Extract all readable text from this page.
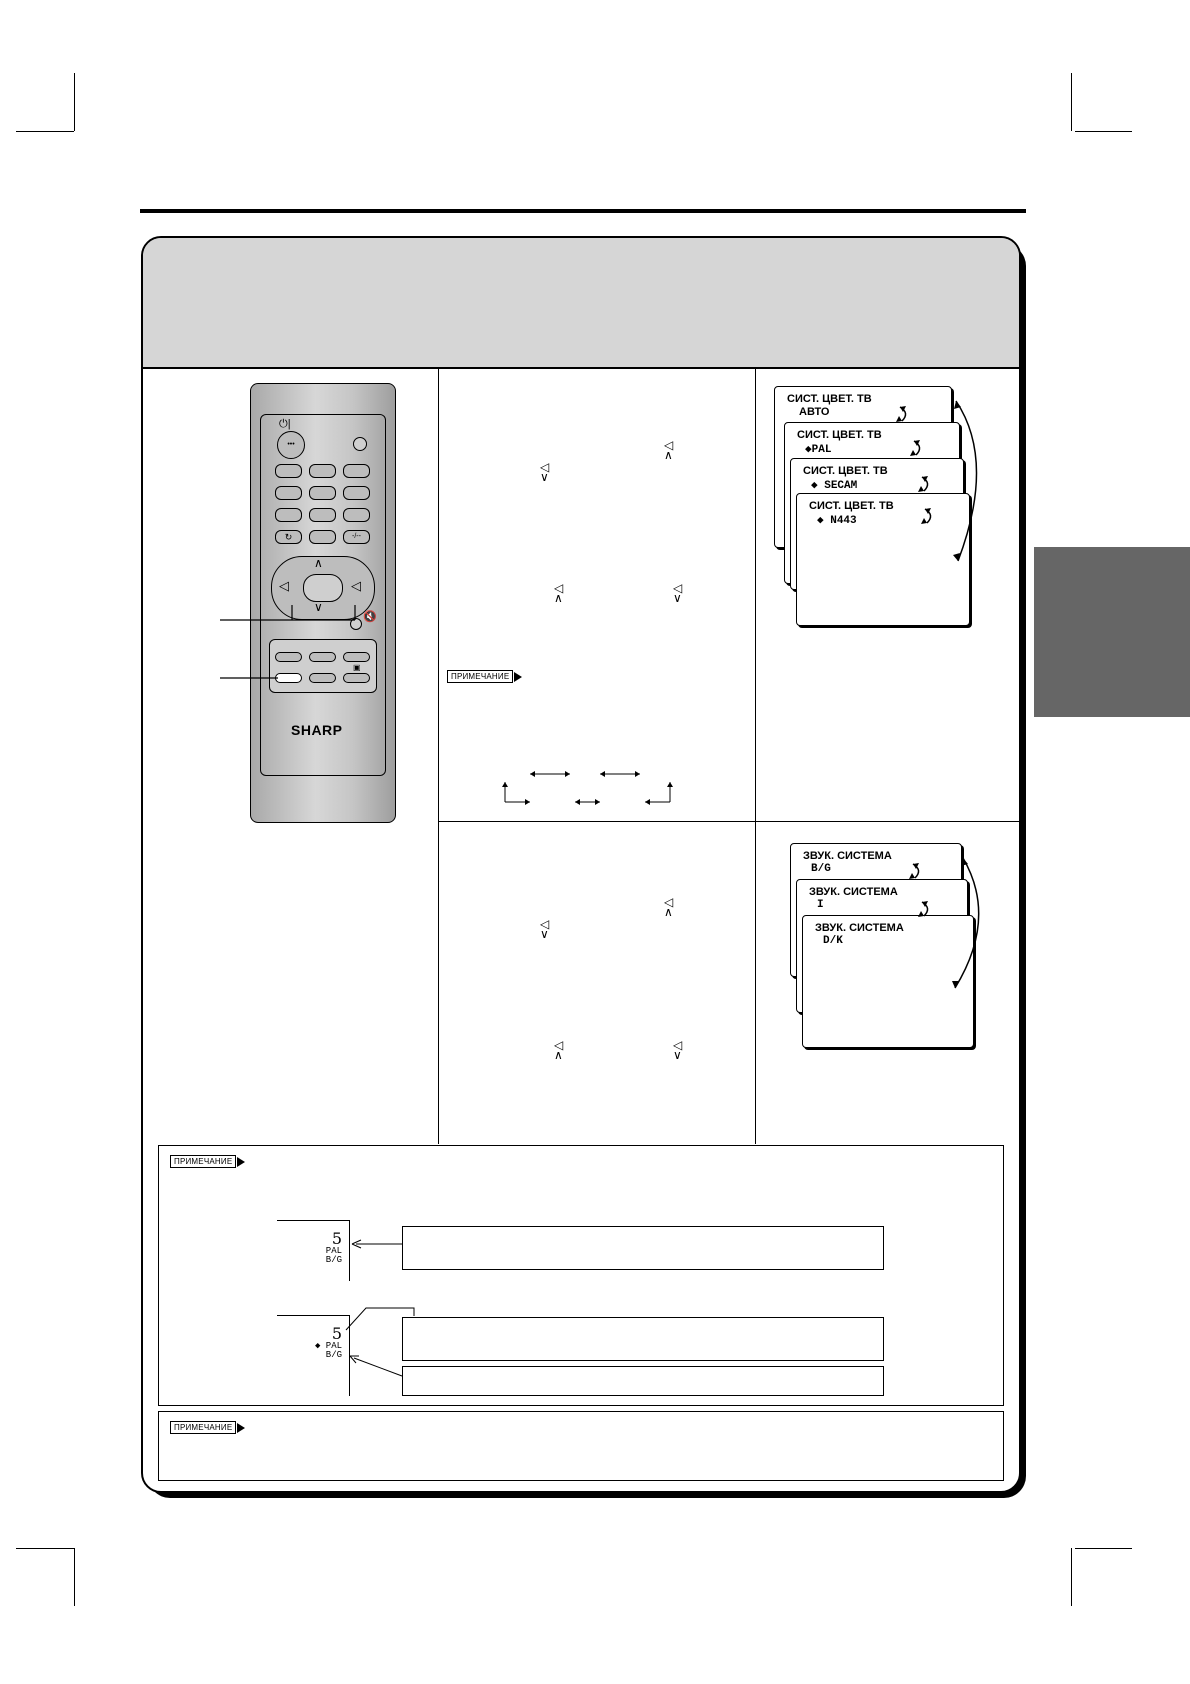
⏻|
•••
↻	-/--
∧
∨
◁	◁
🔇
▣
SHARP
◁
∧
◁
∨
◁
∧
◁
∨
ПРИМЕЧАНИЕ
◁
∧
◁
∨
◁
∧
◁
∨
СИСТ. ЦВЕТ. ТВ
АВТО
СИСТ. ЦВЕТ. ТВ
◆PAL
СИСТ. ЦВЕТ. ТВ
◆ SECAM
СИСТ. ЦВЕТ. ТВ
◆ N443
ЗВУК. СИСТЕМА
B/G
ЗВУК. СИСТЕМА
I
ЗВУК. СИСТЕМА
D/K
ПРИМЕЧАНИЕ
5
PAL
B/G
5
◆ PAL
B/G
ПРИМЕЧАНИЕ
